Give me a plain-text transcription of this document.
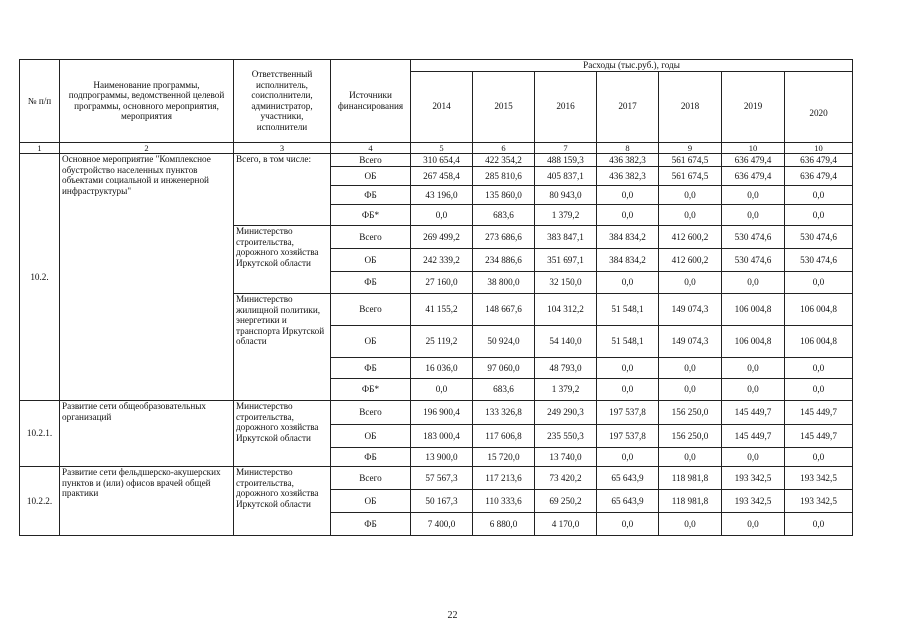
№ п/п	Наименование программы, подпрограммы, ведомственной целевой программы, основного мероприятия, мероприятия	Ответственный исполнитель, соисполнители, администратор, участники, исполнители	Источники финансирования	Расходы (тыс.руб.), годы						
				2014	2015	2016	2017	2018	2019	2020
1	2	3	4	5	6	7	8	9	10	10
10.2.	Основное мероприятие "Комплексное обустройство населенных пунктов объектами социальной и инженерной инфраструктуры"	Всего, в том числе:	Всего	310 654,4	422 354,2	488 159,3	436 382,3	561 674,5	636 479,4	636 479,4
			ОБ	267 458,4	285 810,6	405 837,1	436 382,3	561 674,5	636 479,4	636 479,4
			ФБ	43 196,0	135 860,0	80 943,0	0,0	0,0	0,0	0,0
			ФБ*	0,0	683,6	1 379,2	0,0	0,0	0,0	0,0
		Министерство строительства, дорожного хозяйства Иркутской области	Всего	269 499,2	273 686,6	383 847,1	384 834,2	412 600,2	530 474,6	530 474,6
			ОБ	242 339,2	234 886,6	351 697,1	384 834,2	412 600,2	530 474,6	530 474,6
			ФБ	27 160,0	38 800,0	32 150,0	0,0	0,0	0,0	0,0
		Министерство жилищной политики, энергетики и транспорта Иркутской области	Всего	41 155,2	148 667,6	104 312,2	51 548,1	149 074,3	106 004,8	106 004,8
			ОБ	25 119,2	50 924,0	54 140,0	51 548,1	149 074,3	106 004,8	106 004,8
			ФБ	16 036,0	97 060,0	48 793,0	0,0	0,0	0,0	0,0
			ФБ*	0,0	683,6	1 379,2	0,0	0,0	0,0	0,0
10.2.1.	Развитие сети общеобразовательных организаций	Министерство строительства, дорожного хозяйства Иркутской области	Всего	196 900,4	133 326,8	249 290,3	197 537,8	156 250,0	145 449,7	145 449,7
			ОБ	183 000,4	117 606,8	235 550,3	197 537,8	156 250,0	145 449,7	145 449,7
			ФБ	13 900,0	15 720,0	13 740,0	0,0	0,0	0,0	0,0
10.2.2.	Развитие сети фельдшерско-акушерских пунктов и (или) офисов врачей общей практики	Министерство строительства, дорожного хозяйства Иркутской области	Всего	57 567,3	117 213,6	73 420,2	65 643,9	118 981,8	193 342,5	193 342,5
			ОБ	50 167,3	110 333,6	69 250,2	65 643,9	118 981,8	193 342,5	193 342,5
			ФБ	7 400,0	6 880,0	4 170,0	0,0	0,0	0,0	0,0
22
